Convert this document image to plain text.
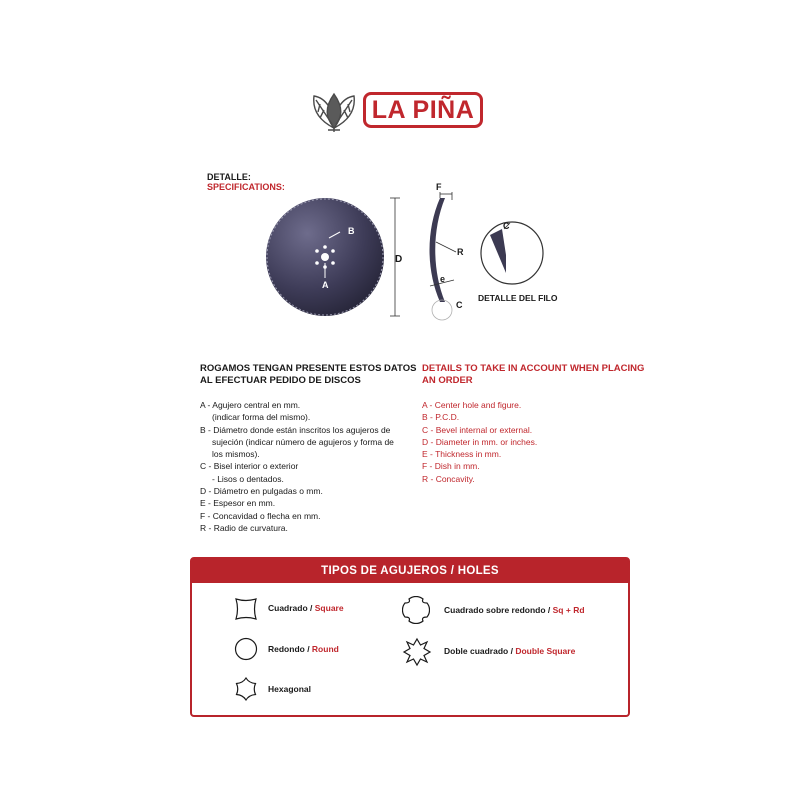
LA PIÑA
DETALLE:
SPECIFICATIONS:
B
A
D
F
R
e
C
C
DETALLE DEL FILO
ROGAMOS TENGAN PRESENTE ESTOS DATOS
AL EFECTUAR PEDIDO DE DISCOS
A - Agujero central en mm.
(indicar forma del mismo).
B - Diámetro donde están inscritos los agujeros de
sujeción (indicar número de agujeros y forma de
los mismos).
C - Bisel interior o exterior
- Lisos o dentados.
D - Diámetro en pulgadas o mm.
E - Espesor en mm.
F - Concavidad o flecha en mm.
R - Radio de curvatura.
DETAILS TO TAKE IN ACCOUNT WHEN PLACING
AN ORDER
A - Center hole and figure.
B - P.C.D.
C - Bevel internal or external.
D - Diameter in mm. or inches.
E - Thickness in mm.
F - Dish in mm.
R - Concavity.
TIPOS DE AGUJEROS / HOLES
Cuadrado / Square
Redondo / Round
Hexagonal
Cuadrado sobre redondo / Sq + Rd
Doble cuadrado / Double Square
